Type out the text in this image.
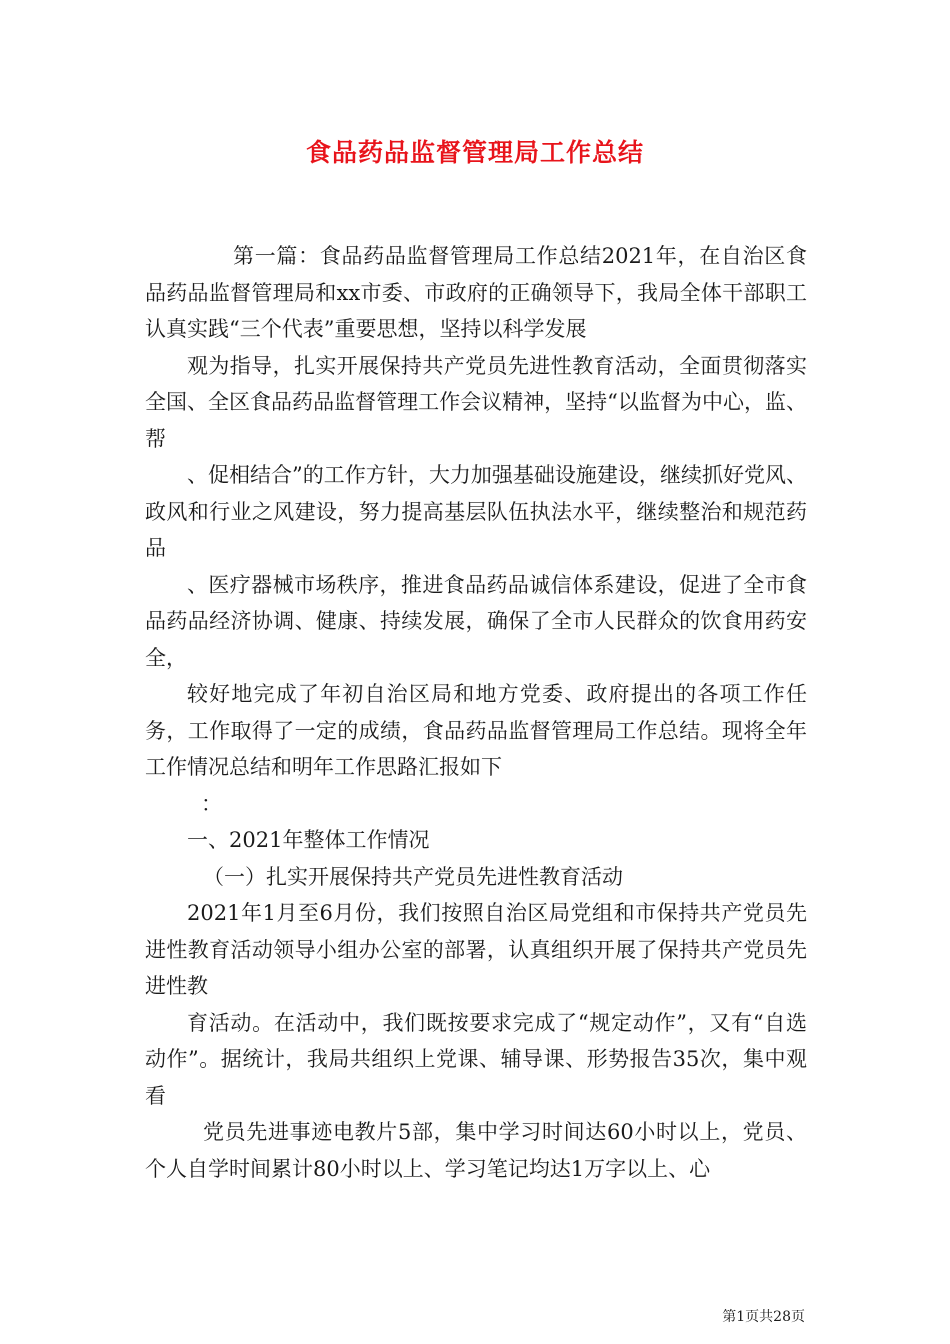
食品药品监督管理局工作总结

第一篇：食品药品监督管理局工作总结2021年，在自治区食品药品监督管理局和xx市委、市政府的正确领导下，我局全体干部职工认真实践“三个代表”重要思想，坚持以科学发展

观为指导，扎实开展保持共产党员先进性教育活动，全面贯彻落实全国、全区食品药品监督管理工作会议精神，坚持“以监督为中心，监、帮

、促相结合”的工作方针，大力加强基础设施建设，继续抓好党风、政风和行业之风建设，努力提高基层队伍执法水平，继续整治和规范药品

、医疗器械市场秩序，推进食品药品诚信体系建设，促进了全市食品药品经济协调、健康、持续发展，确保了全市人民群众的饮食用药安全，

较好地完成了年初自治区局和地方党委、政府提出的各项工作任务，工作取得了一定的成绩，食品药品监督管理局工作总结。现将全年工作情况总结和明年工作思路汇报如下

：

一、2021年整体工作情况

（一）扎实开展保持共产党员先进性教育活动

2021年1月至6月份，我们按照自治区局党组和市保持共产党员先进性教育活动领导小组办公室的部署，认真组织开展了保持共产党员先进性教

育活动。在活动中，我们既按要求完成了“规定动作”，又有“自选动作”。据统计，我局共组织上党课、辅导课、形势报告35次，集中观看

党员先进事迹电教片5部，集中学习时间达60小时以上，党员、个人自学时间累计80小时以上、学习笔记均达1万字以上、心

第1页共28页
